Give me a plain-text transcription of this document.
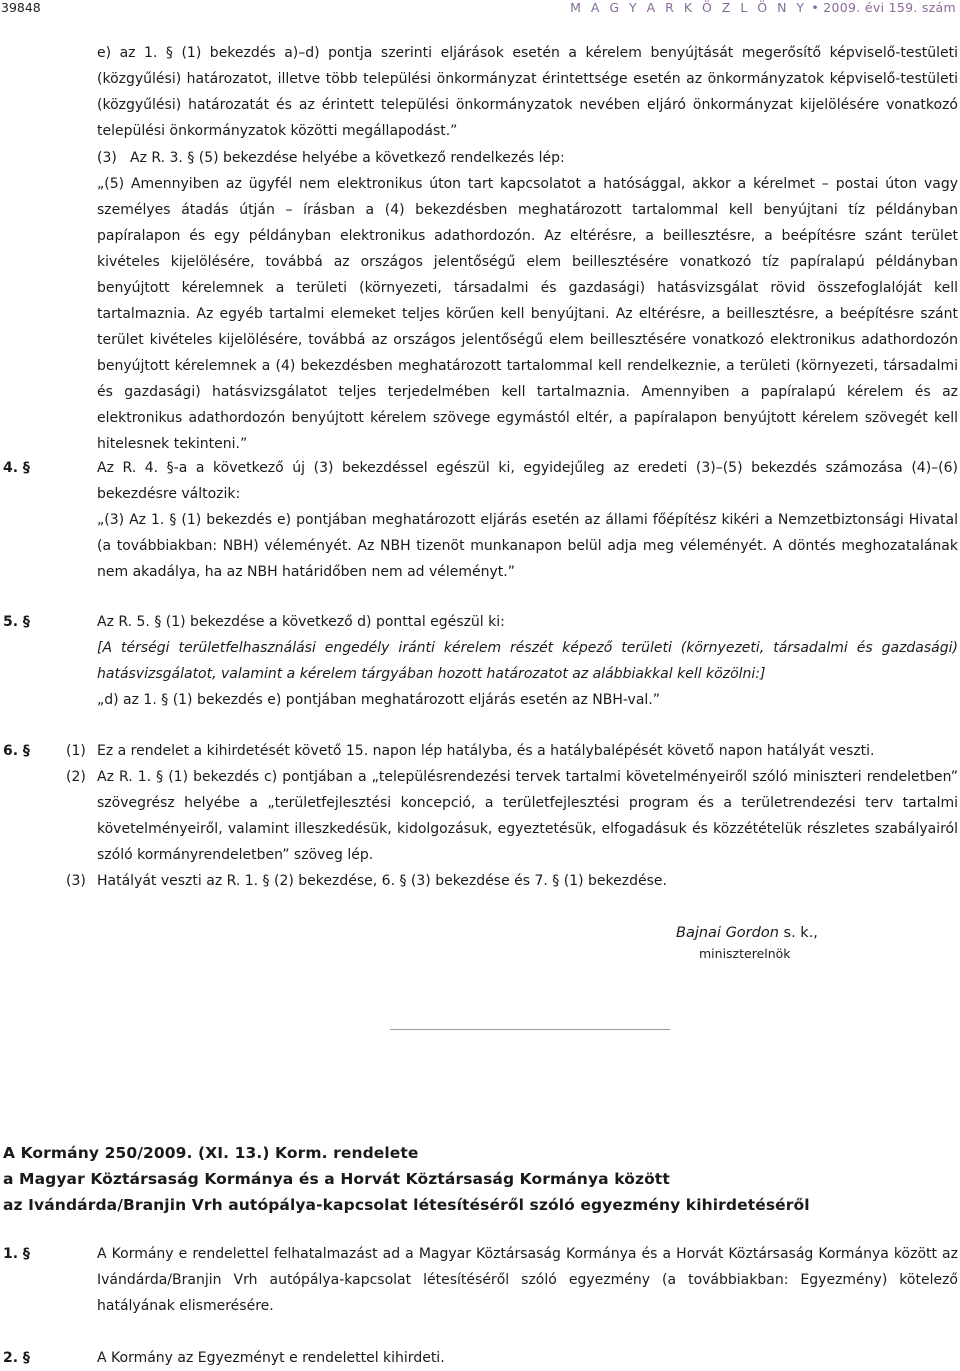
39848	M A G Y A R K Ö Z L Ö N Y • 2009. évi 159. szám

e) az 1. § (1) bekezdés a)–d) pontja szerinti eljárások esetén a kérelem benyújtását megerősítő képviselő-testületi (közgyűlési) határozatot, illetve több települési önkormányzat érintettsége esetén az önkormányzatok képviselő-testületi (közgyűlési) határozatát és az érintett települési önkormányzatok nevében eljáró önkormányzat kijelölésére vonatkozó települési önkormányzatok közötti megállapodást.”

(3) Az R. 3. § (5) bekezdése helyébe a következő rendelkezés lép:

„(5) Amennyiben az ügyfél nem elektronikus úton tart kapcsolatot a hatósággal, akkor a kérelmet – postai úton vagy személyes átadás útján – írásban a (4) bekezdésben meghatározott tartalommal kell benyújtani tíz példányban papíralapon és egy példányban elektronikus adathordozón. Az eltérésre, a beillesztésre, a beépítésre szánt terület kivételes kijelölésére, továbbá az országos jelentőségű elem beillesztésére vonatkozó tíz papíralapú példányban benyújtott kérelemnek a területi (környezeti, társadalmi és gazdasági) hatásvizsgálat rövid összefoglalóját kell tartalmaznia. Az egyéb tartalmi elemeket teljes körűen kell benyújtani. Az eltérésre, a beillesztésre, a beépítésre szánt terület kivételes kijelölésére, továbbá az országos jelentőségű elem beillesztésére vonatkozó elektronikus adathordozón benyújtott kérelemnek a (4) bekezdésben meghatározott tartalommal kell rendelkeznie, a területi (környezeti, társadalmi és gazdasági) hatásvizsgálatot teljes terjedelmében kell tartalmaznia. Amennyiben a papíralapú kérelem és az elektronikus adathordozón benyújtott kérelem szövege egymástól eltér, a papíralapon benyújtott kérelem szövegét kell hitelesnek tekinteni.”

4. §	Az R. 4. §-a a következő új (3) bekezdéssel egészül ki, egyidejűleg az eredeti (3)–(5) bekezdés számozása (4)–(6) bekezdésre változik:

„(3) Az 1. § (1) bekezdés e) pontjában meghatározott eljárás esetén az állami főépítész kikéri a Nemzetbiztonsági Hivatal (a továbbiakban: NBH) véleményét. Az NBH tizenöt munkanapon belül adja meg véleményét. A döntés meghozatalának nem akadálya, ha az NBH határidőben nem ad véleményt.”

5. §	Az R. 5. § (1) bekezdése a következő d) ponttal egészül ki:

[A térségi területfelhasználási engedély iránti kérelem részét képező területi (környezeti, társadalmi és gazdasági) hatásvizsgálatot, valamint a kérelem tárgyában hozott határozatot az alábbiakkal kell közölni:]

„d) az 1. § (1) bekezdés e) pontjában meghatározott eljárás esetén az NBH-val.”

6. §	(1) Ez a rendelet a kihirdetését követő 15. napon lép hatályba, és a hatálybalépését követő napon hatályát veszti.

(2) Az R. 1. § (1) bekezdés c) pontjában a „településrendezési tervek tartalmi követelményeiről szóló miniszteri rendeletben” szövegrész helyébe a „területfejlesztési koncepció, a területfejlesztési program és a területrendezési terv tartalmi követelményeiről, valamint illeszkedésük, kidolgozásuk, egyeztetésük, elfogadásuk és közzétételük részletes szabályairól szóló kormányrendeletben” szöveg lép.

(3) Hatályát veszti az R. 1. § (2) bekezdése, 6. § (3) bekezdése és 7. § (1) bekezdése.

Bajnai Gordon s. k.,
miniszterelnök
A Kormány 250/2009. (XI. 13.) Korm. rendelete
a Magyar Köztársaság Kormánya és a Horvát Köztársaság Kormánya között
az Ivándárda/Branjin Vrh autópálya-kapcsolat létesítéséről szóló egyezmény kihirdetéséről
1. §	A Kormány e rendelettel felhatalmazást ad a Magyar Köztársaság Kormánya és a Horvát Köztársaság Kormánya között az Ivándárda/Branjin Vrh autópálya-kapcsolat létesítéséről szóló egyezmény (a továbbiakban: Egyezmény) kötelező hatályának elismerésére.

2. §	A Kormány az Egyezményt e rendelettel kihirdeti.
